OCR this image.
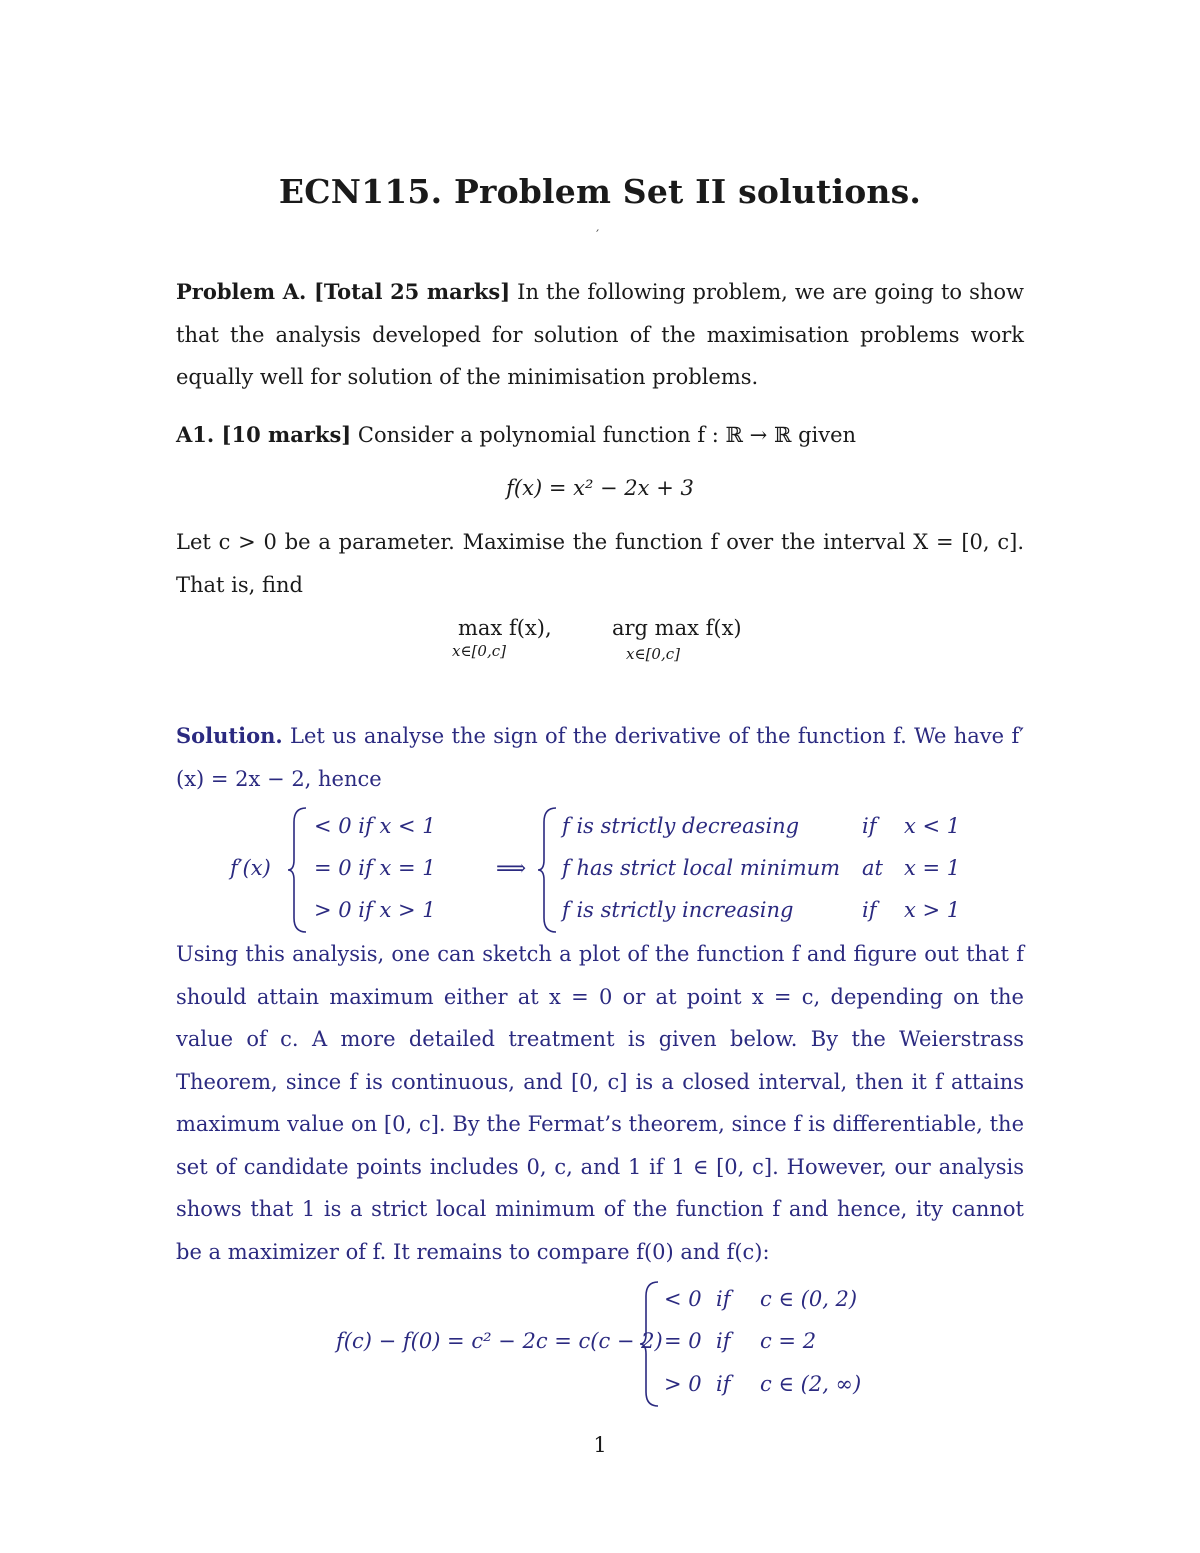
ECN115. Problem Set II solutions.
′
Problem A. [Total 25 marks] In the following problem, we are going to show that the analysis developed for solution of the maximisation problems work equally well for solution of the minimisation problems.
A1. [10 marks] Consider a polynomial function f : ℝ → ℝ given
f(x) = x² − 2x + 3
Let c > 0 be a parameter. Maximise the function f over the interval X = [0, c]. That is, find
max f(x),
x∈[0,c]
arg max f(x)
x∈[0,c]
Solution. Let us analyse the sign of the derivative of the function f. We have f′(x) = 2x − 2, hence
f′(x)
< 0 if x < 1
= 0 if x = 1
> 0 if x > 1
⟹
f is strictly decreasing	if x < 1
f has strict local minimum at x = 1
f is strictly increasing	if x > 1
Using this analysis, one can sketch a plot of the function f and figure out that f should attain maximum either at x = 0 or at point x = c, depending on the value of c. A more detailed treatment is given below. By the Weierstrass Theorem, since f is continuous, and [0, c] is a closed interval, then it f attains maximum value on [0, c]. By the Fermat’s theorem, since f is differentiable, the set of candidate points includes 0, c, and 1 if 1 ∈ [0, c]. However, our analysis shows that 1 is a strict local minimum of the function f and hence, ity cannot be a maximizer of f. It remains to compare f(0) and f(c):
f(c) − f(0) = c² − 2c = c(c − 2)
< 0 if c ∈ (0, 2)
= 0 if c = 2
> 0 if c ∈ (2, ∞)
1
